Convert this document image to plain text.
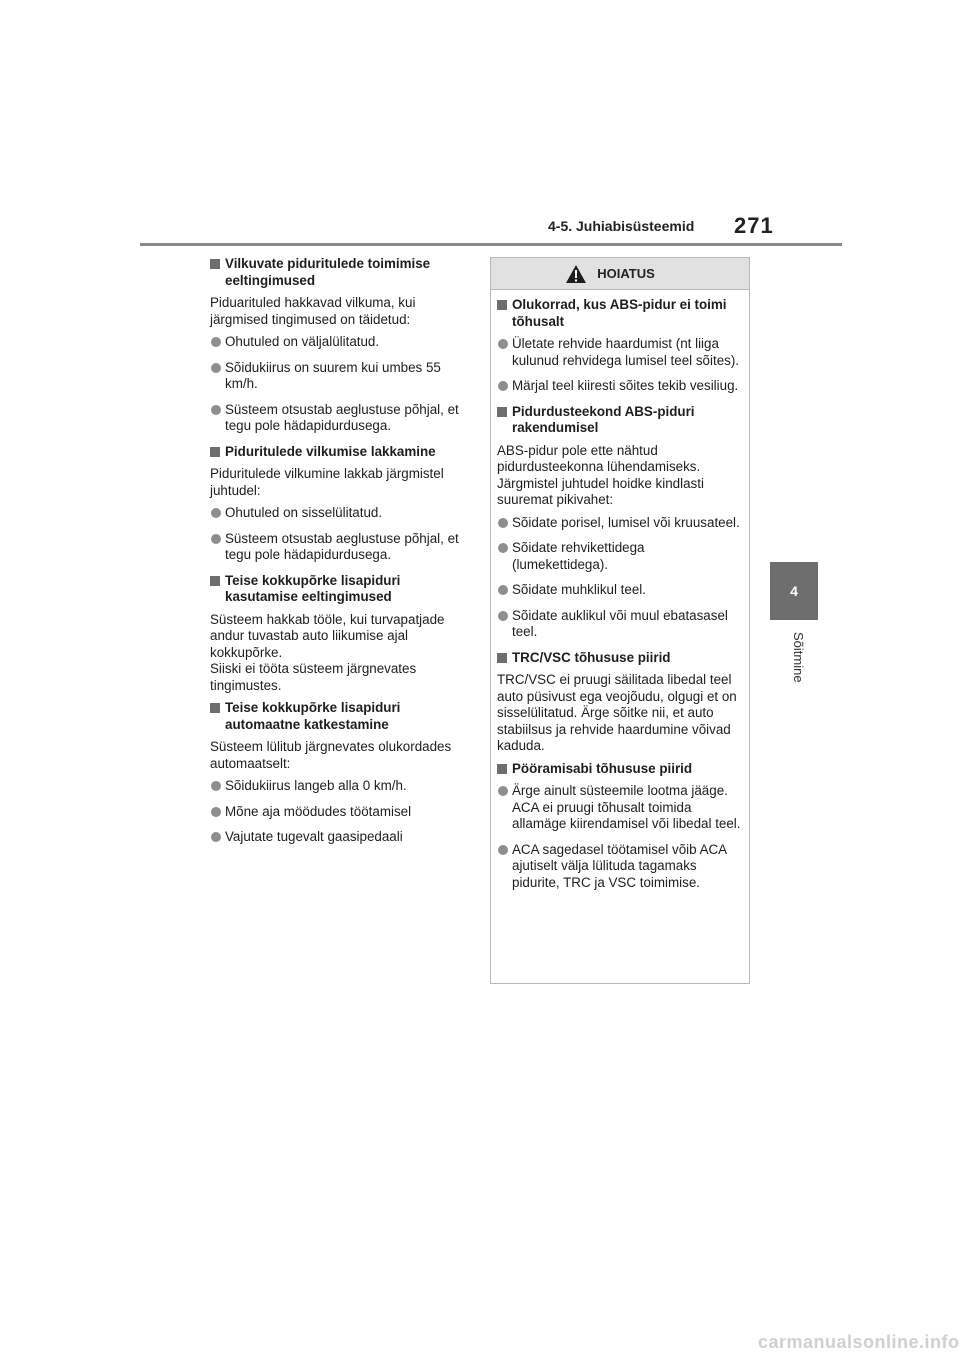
4-5. Juhiabisüsteemid 271
4
Sõitmine
Vilkuvate piduritulede toimimise eeltingimused
Piduarituled hakkavad vilkuma, kui järgmised tingimused on täidetud:
Ohutuled on väljalülitatud.
Sõidukiirus on suurem kui umbes 55 km/h.
Süsteem otsustab aeglustuse põhjal, et tegu pole hädapidurdusega.
Piduritulede vilkumise lakkamine
Piduritulede vilkumine lakkab järgmistel juhtudel:
Ohutuled on sisselülitatud.
Süsteem otsustab aeglustuse põhjal, et tegu pole hädapidurdusega.
Teise kokkupõrke lisapiduri kasutamise eeltingimused
Süsteem hakkab tööle, kui turvapatjade andur tuvastab auto liikumise ajal kokkupõrke.
Siiski ei tööta süsteem järgnevates tingimustes.
Teise kokkupõrke lisapiduri automaatne katkestamine
Süsteem lülitub järgnevates olukordades automaatselt:
Sõidukiirus langeb alla 0 km/h.
Mõne aja möödudes töötamisel
Vajutate tugevalt gaasipedaali
HOIATUS
Olukorrad, kus ABS-pidur ei toimi tõhusalt
Ületate rehvide haardumist (nt liiga kulunud rehvidega lumisel teel sõites).
Märjal teel kiiresti sõites tekib vesiliug.
Pidurdusteekond ABS-piduri rakendumisel
ABS-pidur pole ette nähtud pidurdusteekonna lühendamiseks. Järgmistel juhtudel hoidke kindlasti suuremat pikivahet:
Sõidate porisel, lumisel või kruusateel.
Sõidate rehvikettidega (lumekettidega).
Sõidate muhklikul teel.
Sõidate auklikul või muul ebatasasel teel.
TRC/VSC tõhususe piirid
TRC/VSC ei pruugi säilitada libedal teel auto püsivust ega veojõudu, olgugi et on sisselülitatud. Ärge sõitke nii, et auto stabiilsus ja rehvide haardumine võivad kaduda.
Pööramisabi tõhususe piirid
Ärge ainult süsteemile lootma jääge. ACA ei pruugi tõhusalt toimida allamäge kiirendamisel või libedal teel.
ACA sagedasel töötamisel võib ACA ajutiselt välja lülituda tagamaks pidurite, TRC ja VSC toimimise.
carmanualsonline.info
